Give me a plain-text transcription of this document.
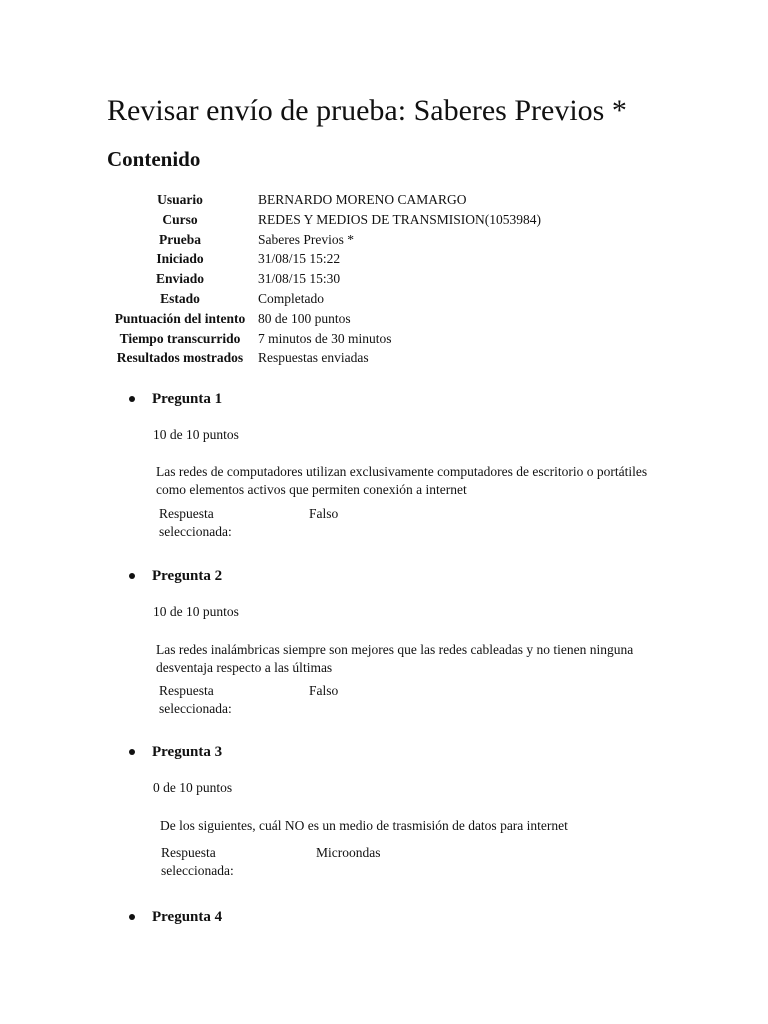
Revisar envío de prueba: Saberes Previos *
Contenido
Usuario	BERNARDO MORENO CAMARGO
Curso	REDES Y MEDIOS DE TRANSMISION(1053984)
Prueba	Saberes Previos *
Iniciado	31/08/15 15:22
Enviado	31/08/15 15:30
Estado	Completado
Puntuación del intento	80 de 100 puntos
Tiempo transcurrido	7 minutos de 30 minutos
Resultados mostrados	Respuestas enviadas
Pregunta 1
10 de 10 puntos
Las redes de computadores utilizan exclusivamente computadores de escritorio o portátiles como elementos activos que permiten conexión a internet
Respuesta seleccionada:
Falso
Pregunta 2
10 de 10 puntos
Las redes inalámbricas siempre son mejores que las redes cableadas y no tienen ninguna desventaja respecto a las últimas
Respuesta seleccionada:
Falso
Pregunta 3
0 de 10 puntos
De los siguientes, cuál NO es un medio de trasmisión de datos para internet
Respuesta seleccionada:
Microondas
Pregunta 4
